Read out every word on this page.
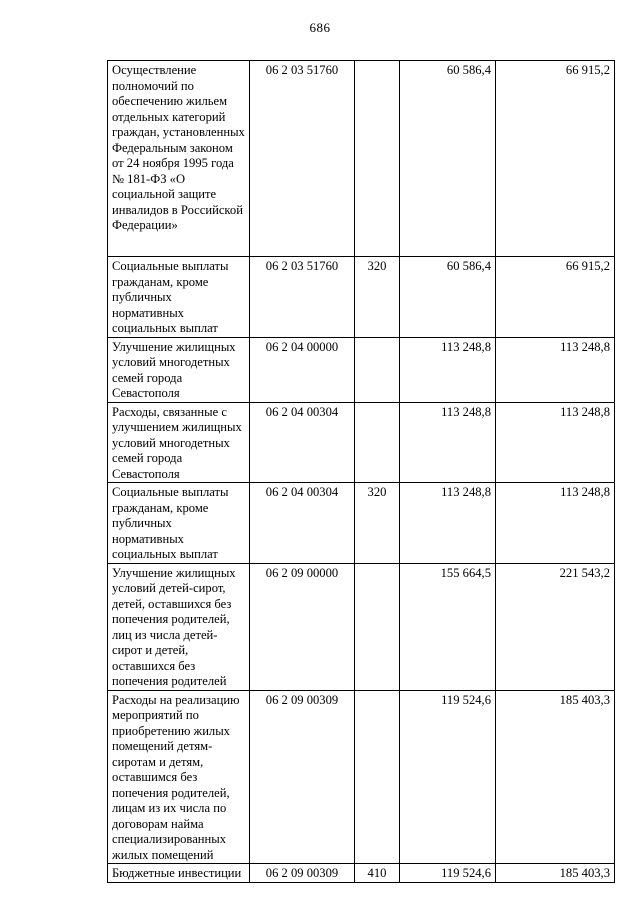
686
Осуществление полномочий по обеспечению жильем отдельных категорий граждан, установленных Федеральным законом от 24 ноября 1995 года № 181-ФЗ «О социальной защите инвалидов в Российской Федерации»	06 2 03 51760		60 586,4	66 915,2
Социальные выплаты гражданам, кроме публичных нормативных социальных выплат	06 2 03 51760	320	60 586,4	66 915,2
Улучшение жилищных условий многодетных семей города Севастополя	06 2 04 00000		113 248,8	113 248,8
Расходы, связанные с улучшением жилищных условий многодетных семей города Севастополя	06 2 04 00304		113 248,8	113 248,8
Социальные выплаты гражданам, кроме публичных нормативных социальных выплат	06 2 04 00304	320	113 248,8	113 248,8
Улучшение жилищных условий детей-сирот, детей, оставшихся без попечения родителей, лиц из числа детей-сирот и детей, оставшихся без попечения родителей	06 2 09 00000		155 664,5	221 543,2
Расходы на реализацию мероприятий по приобретению жилых помещений детям-сиротам и детям, оставшимся без попечения родителей, лицам из их числа по договорам найма специализированных жилых помещений	06 2 09 00309		119 524,6	185 403,3
Бюджетные инвестиции	06 2 09 00309	410	119 524,6	185 403,3
